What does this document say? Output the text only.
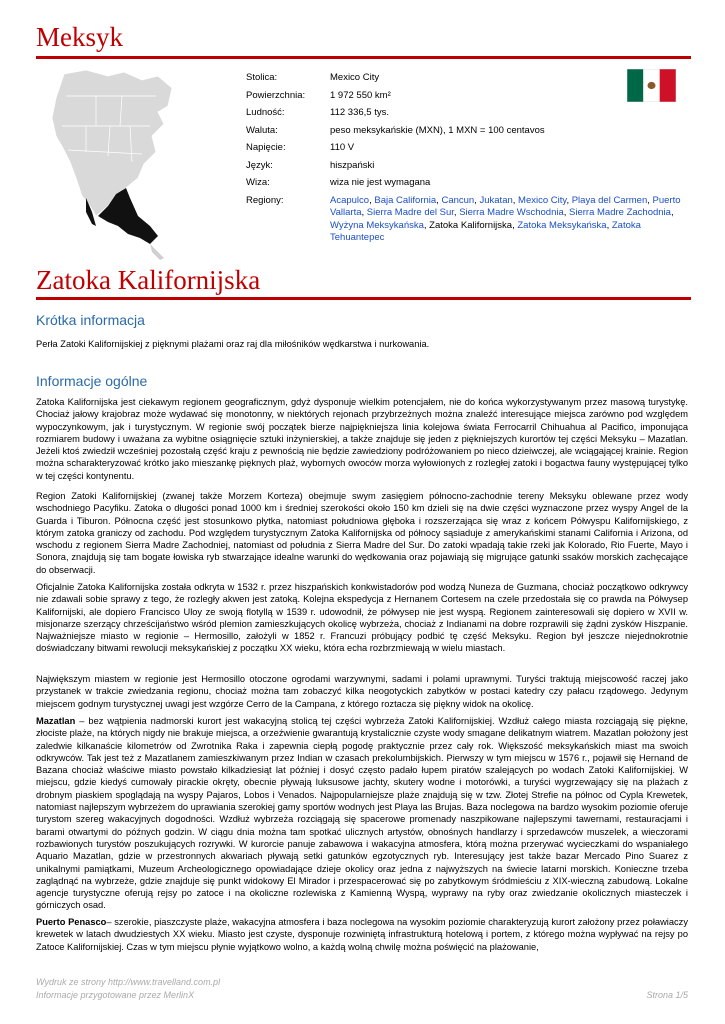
Meksyk
Stolica:	Mexico City
Powierzchnia:	1 972 550 km²
Ludność:	112 336,5 tys.
Waluta:	peso meksykańskie (MXN), 1 MXN = 100 centavos
Napięcie:	110 V
Język:	hiszpański
Wiza:	wiza nie jest wymagana
Regiony:	Acapulco, Baja California, Cancun, Jukatan, Mexico City, Playa del Carmen, Puerto Vallarta, Sierra Madre del Sur, Sierra Madre Wschodnia, Sierra Madre Zachodnia, Wyżyna Meksykańska, Zatoka Kalifornijska, Zatoka Meksykańska, Zatoka Tehuantepec
Zatoka Kalifornijska
Krótka informacja

Perła Zatoki Kalifornijskiej z pięknymi plażami oraz raj dla miłośników wędkarstwa i nurkowania.

Informacje ogólne

Zatoka Kalifornijska jest ciekawym regionem geograficznym, gdyż dysponuje wielkim potencjałem, nie do końca wykorzystywanym przez masową turystykę. Chociaż jałowy krajobraz może wydawać się monotonny, w niektórych rejonach przybrzeżnych można znaleźć interesujące miejsca zarówno pod względem wypoczynkowym, jak i turystycznym. W regionie swój początek bierze najpiękniejsza linia kolejowa świata Ferrocarril Chihuahua al Pacifico, imponująca rozmiarem budowy i uważana za wybitne osiągnięcie sztuki inżynierskiej, a także znajduje się jeden z piękniejszych kurortów tej części Meksyku – Mazatlan. Jeżeli ktoś zwiedził wcześniej pozostałą część kraju z pewnością nie będzie zawiedziony podróżowaniem po nieco dzieiwczej, ale wciągającej krainie. Region można scharakteryzować krótko jako mieszankę pięknych plaż, wybornych owoców morza wyłowionych z rozległej zatoki i bogactwa fauny występującej tylko w tej części kontynentu.

Region Zatoki Kalifornijskiej (zwanej także Morzem Korteza) obejmuje swym zasięgiem północno-zachodnie tereny Meksyku oblewane przez wody wschodniego Pacyfiku. Zatoka o długości ponad 1000 km i średniej szerokości około 150 km dzieli się na dwie części wyznaczone przez wyspy Angel de la Guarda i Tiburon. Północna część jest stosunkowo płytka, natomiast południowa głęboka i rozszerzająca się wraz z końcem Półwyspu Kalifornijskiego, z którym zatoka graniczy od zachodu. Pod względem turystycznym Zatoka Kalifornijska od północy sąsiaduje z amerykańskimi stanami California i Arizona, od wschodu z regionem Sierra Madre Zachodniej, natomiast od południa z Sierra Madre del Sur. Do zatoki wpadają takie rzeki jak Kolorado, Rio Fuerte, Mayo i Sonora, znajdują się tam bogate łowiska ryb stwarzające idealne warunki do wędkowania oraz pojawiają się migrujące gatunki ssaków morskich zachęcające do obserwacji.

Oficjalnie Zatoka Kalifornijska została odkryta w 1532 r. przez hiszpańskich konkwistadorów pod wodzą Nuneza de Guzmana, chociaż początkowo odkrywcy nie zdawali sobie sprawy z tego, że rozległy akwen jest zatoką. Kolejna ekspedycja z Hernanem Cortesem na czele przedostała się co prawda na Półwysep Kalifornijski, ale dopiero Francisco Uloy ze swoją flotyllą w 1539 r. udowodnił, że półwysep nie jest wyspą. Regionem zainteresowali się dopiero w XVII w. misjonarze szerzący chrześcijaństwo wśród plemion zamieszkujących okolicę wybrzeża, chociaż z Indianami na dobre rozprawili się żądni zysków Hiszpanie. Najważniejsze miasto w regionie – Hermosillo, założyli w 1852 r. Francuzi próbujący podbić tę część Meksyku. Region był jeszcze niejednokrotnie doświadczany bitwami rewolucji meksykańskiej z początku XX wieku, która echa rozbrzmiewają w wielu miastach.

Największym miastem w regionie jest Hermosillo otoczone ogrodami warzywnymi, sadami i polami uprawnymi. Turyści traktują miejscowość raczej jako przystanek w trakcie zwiedzania regionu, chociaż można tam zobaczyć kilka neogotyckich zabytków w postaci katedry czy pałacu rządowego. Jedynym miejscem godnym turystycznej uwagi jest wzgórze Cerro de la Campana, z którego roztacza się piękny widok na okolicę.

Mazatlan – bez wątpienia nadmorski kurort jest wakacyjną stolicą tej części wybrzeża Zatoki Kalifornijskiej. Wzdłuż całego miasta rozciągają się piękne, złociste plaże, na których nigdy nie brakuje miejsca, a orzeźwienie gwarantują krystalicznie czyste wody smagane delikatnym wiatrem. Mazatlan położony jest zaledwie kilkanaście kilometrów od Zwrotnika Raka i zapewnia ciepłą pogodę praktycznie przez cały rok. Większość meksykańskich miast ma swoich odkrywców. Tak jest też z Mazatlanem zamieszkiwanym przez Indian w czasach prekolumbijskich. Pierwszy w tym miejscu w 1576 r., pojawił się Hernand de Bazana chociaż właściwe miasto powstało kilkadziesiąt lat później i dosyć często padało łupem piratów szalejących po wodach Zatoki Kalifornijskiej. W miejscu, gdzie kiedyś cumowały pirackie okręty, obecnie pływają luksusowe jachty, skutery wodne i motorówki, a turyści wygrzewający się na plażach z drobnym piaskiem spoglądają na wyspy Pajaros, Lobos i Venados. Najpopularniejsze plaże znajdują się w tzw. Złotej Strefie na północ od Cypla Krewetek, natomiast najlepszym wybrzeżem do uprawiania szerokiej gamy sportów wodnych jest Playa las Brujas. Baza noclegowa na bardzo wysokim poziomie oferuje turystom szereg wakacyjnych dogodności. Wzdłuż wybrzeża rozciągają się spacerowe promenady naszpikowane najlepszymi tawernami, restauracjami i barami otwartymi do późnych godzin. W ciągu dnia można tam spotkać ulicznych artystów, obnośnych handlarzy i sprzedawców muszelek, a wieczorami rozbawionych turystów poszukujących rozrywki. W kurorcie panuje zabawowa i wakacyjna atmosfera, którą można przerywać wycieczkami do wspaniałego Aquario Mazatlan, gdzie w przestronnych akwariach pływają setki gatunków egzotycznych ryb. Interesujący jest także bazar Mercado Pino Suarez z unikalnymi pamiątkami, Muzeum Archeologicznego opowiadające dzieje okolicy oraz jedna z najwyższych na świecie latarni morskich. Konieczne trzeba zaglądnąć na wybrzeże, gdzie znajduje się punkt widokowy El Mirador i przespacerować się po zabytkowym śródmieściu z XIX-wieczną zabudową. Lokalne agencje turystyczne oferują rejsy po zatoce i na okoliczne rozlewiska z Kamienną Wyspą, wyprawy na ryby oraz zwiedzanie okolicznych miasteczek i górniczych osad.

Puerto Penasco– szerokie, piaszczyste plaże, wakacyjna atmosfera i baza noclegowa na wysokim poziomie charakteryzują kurort założony przez poławiaczy krewetek w latach dwudziestych XX wieku. Miasto jest czyste, dysponuje rozwiniętą infrastrukturą hotelową i portem, z którego można wypływać na rejsy po Zatoce Kalifornijskiej. Czas w tym miejscu płynie wyjątkowo wolno, a każdą wolną chwilę można poświęcić na plażowanie,

Wydruk ze strony http://www.travelland.com.pl
Informacje przygotowane przez MerlinX	Strona 1/5
